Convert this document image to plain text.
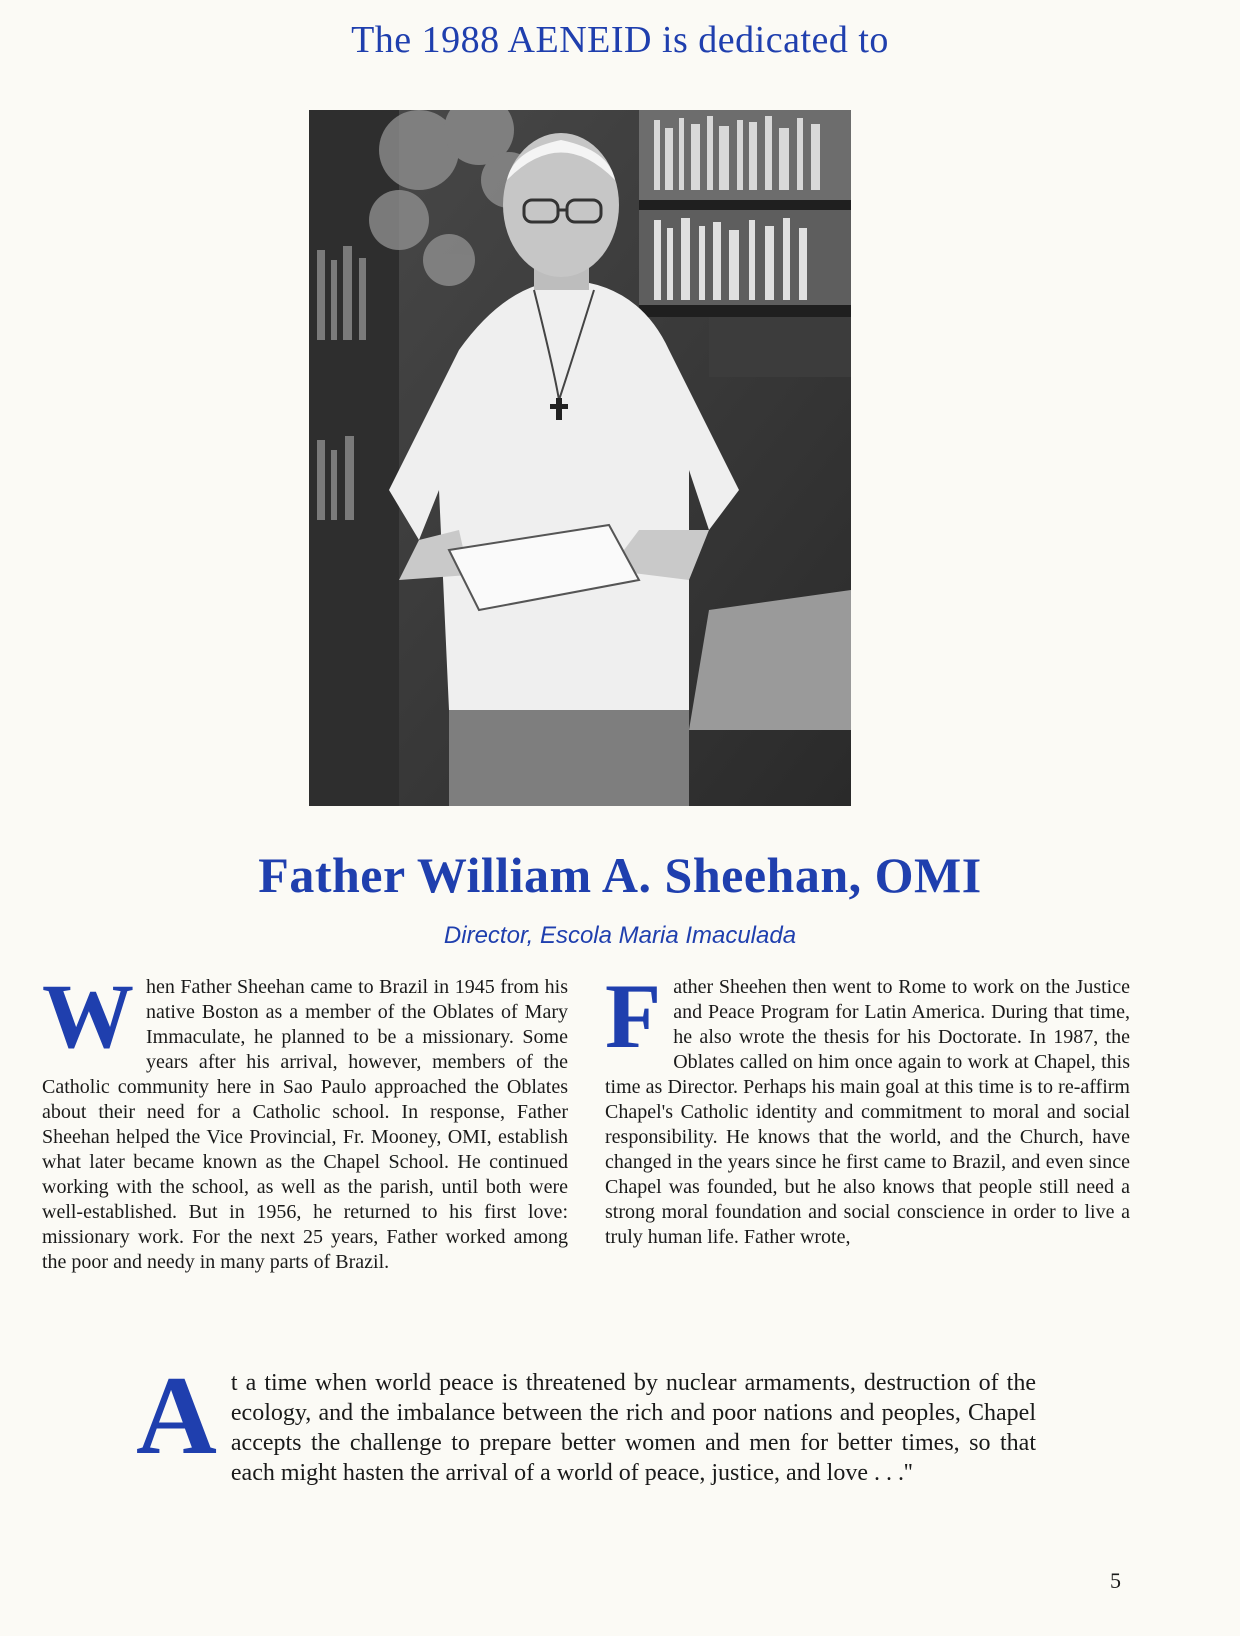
The 1988 AENEID is dedicated to
Father William A. Sheehan, OMI
Director, Escola Maria Imaculada
When Father Sheehan came to Brazil in 1945 from his native Boston as a member of the Oblates of Mary Immaculate, he planned to be a missionary. Some years after his arrival, however, members of the Catholic community here in Sao Paulo approached the Oblates about their need for a Catholic school. In response, Father Sheehan helped the Vice Provincial, Fr. Mooney, OMI, establish what later became known as the Chapel School. He continued working with the school, as well as the parish, until both were well-established. But in 1956, he returned to his first love: missionary work. For the next 25 years, Father worked among the poor and needy in many parts of Brazil.
Father Sheehen then went to Rome to work on the Justice and Peace Program for Latin America. During that time, he also wrote the thesis for his Doctorate. In 1987, the Oblates called on him once again to work at Chapel, this time as Director. Perhaps his main goal at this time is to re-affirm Chapel's Catholic identity and commitment to moral and social responsibility. He knows that the world, and the Church, have changed in the years since he first came to Brazil, and even since Chapel was founded, but he also knows that people still need a strong moral foundation and social conscience in order to live a truly human life. Father wrote,
At a time when world peace is threatened by nuclear armaments, destruction of the ecology, and the imbalance between the rich and poor nations and peoples, Chapel accepts the challenge to prepare better women and men for better times, so that each might hasten the arrival of a world of peace, justice, and love . . .''
5
